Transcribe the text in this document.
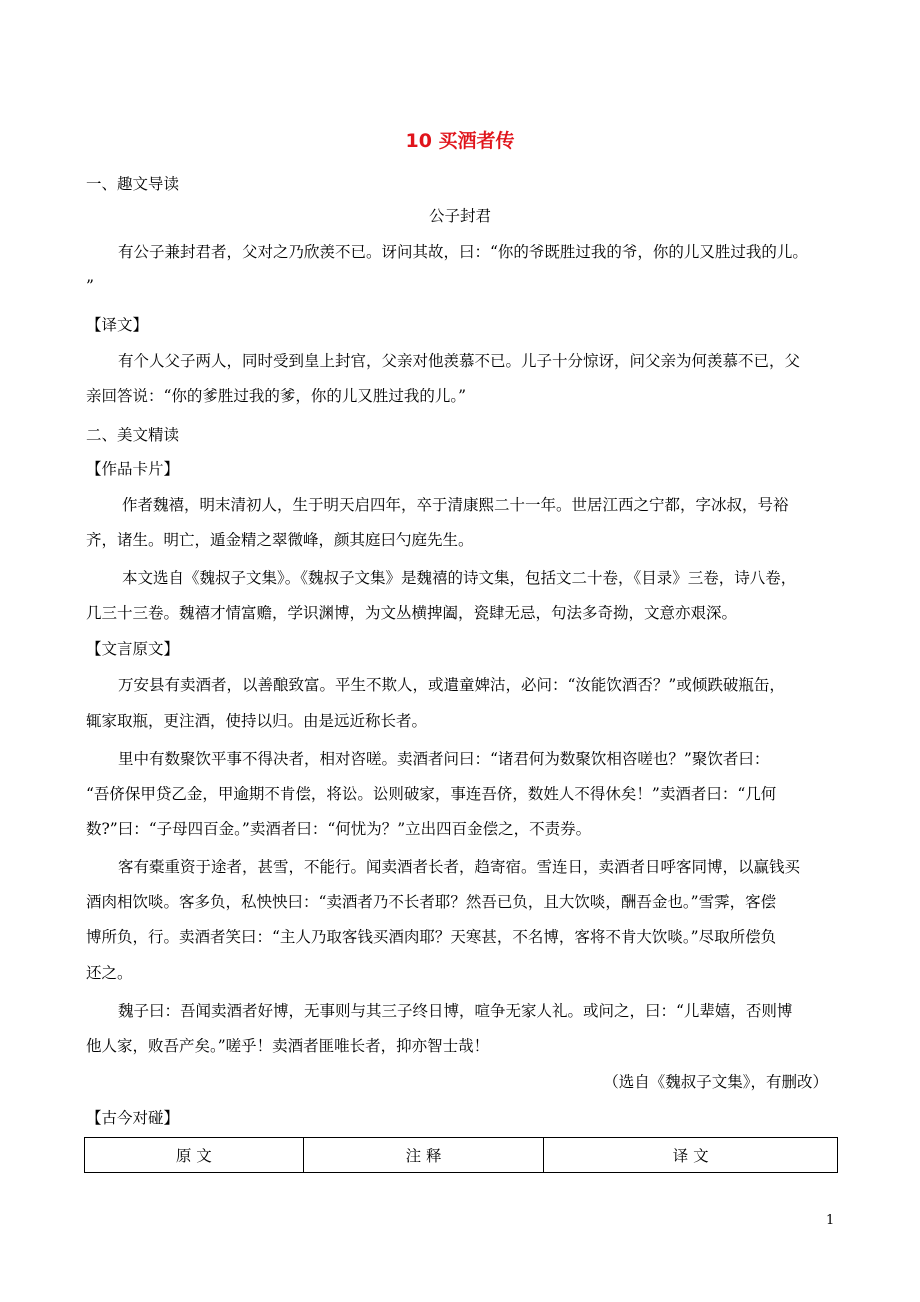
10 买酒者传
一、趣文导读
公子封君
有公子兼封君者，父对之乃欣羡不已。讶问其故，曰：“你的爷既胜过我的爷，你的儿又胜过我的儿。
”
【译文】
有个人父子两人，同时受到皇上封官，父亲对他羡慕不已。儿子十分惊讶，问父亲为何羡慕不已，父
亲回答说：“你的爹胜过我的爹，你的儿又胜过我的儿。”
二、美文精读
【作品卡片】
作者魏禧，明末清初人，生于明天启四年，卒于清康熙二十一年。世居江西之宁都，字冰叔，号裕
齐，诸生。明亡，遁金精之翠微峰，颜其庭曰勺庭先生。
本文选自《魏叔子文集》。《魏叔子文集》是魏禧的诗文集，包括文二十卷，《目录》三卷，诗八卷，
几三十三卷。魏禧才情富赡，学识渊博，为文丛横捭阖，瓷肆无忌，句法多奇拗，文意亦艰深。
【文言原文】
万安县有卖酒者，以善酿致富。平生不欺人，或遣童婢沽，必问：“汝能饮酒否？”或倾跌破瓶缶，
辄家取瓶，更注酒，使持以归。由是远近称长者。
里中有数聚饮平事不得决者，相对咨嗟。卖酒者问曰：“诸君何为数聚饮相咨嗟也？”聚饮者曰：
“吾侪保甲贷乙金，甲逾期不肯偿，将讼。讼则破家，事连吾侪，数姓人不得休矣！”卖酒者曰：“几何
数?”曰：“子母四百金。”卖酒者曰：“何忧为？”立出四百金偿之，不责券。
客有橐重资于途者，甚雪，不能行。闻卖酒者长者，趋寄宿。雪连日，卖酒者日呼客同博，以赢钱买
酒肉相饮啖。客多负，私怏怏曰：“卖酒者乃不长者耶？然吾已负，且大饮啖，酬吾金也。”雪霁，客偿
博所负，行。卖酒者笑曰：“主人乃取客钱买酒肉耶？天寒甚，不名博，客将不肯大饮啖。”尽取所偿负
还之。
魏子曰：吾闻卖酒者好博，无事则与其三子终日博，喧争无家人礼。或问之，曰：“儿辈嬉，否则博
他人家，败吾产矣。”嗟乎！卖酒者匪唯长者，抑亦智士哉！
（选自《魏叔子文集》，有删改）
【古今对碰】
原 文	注 释	译 文
1
